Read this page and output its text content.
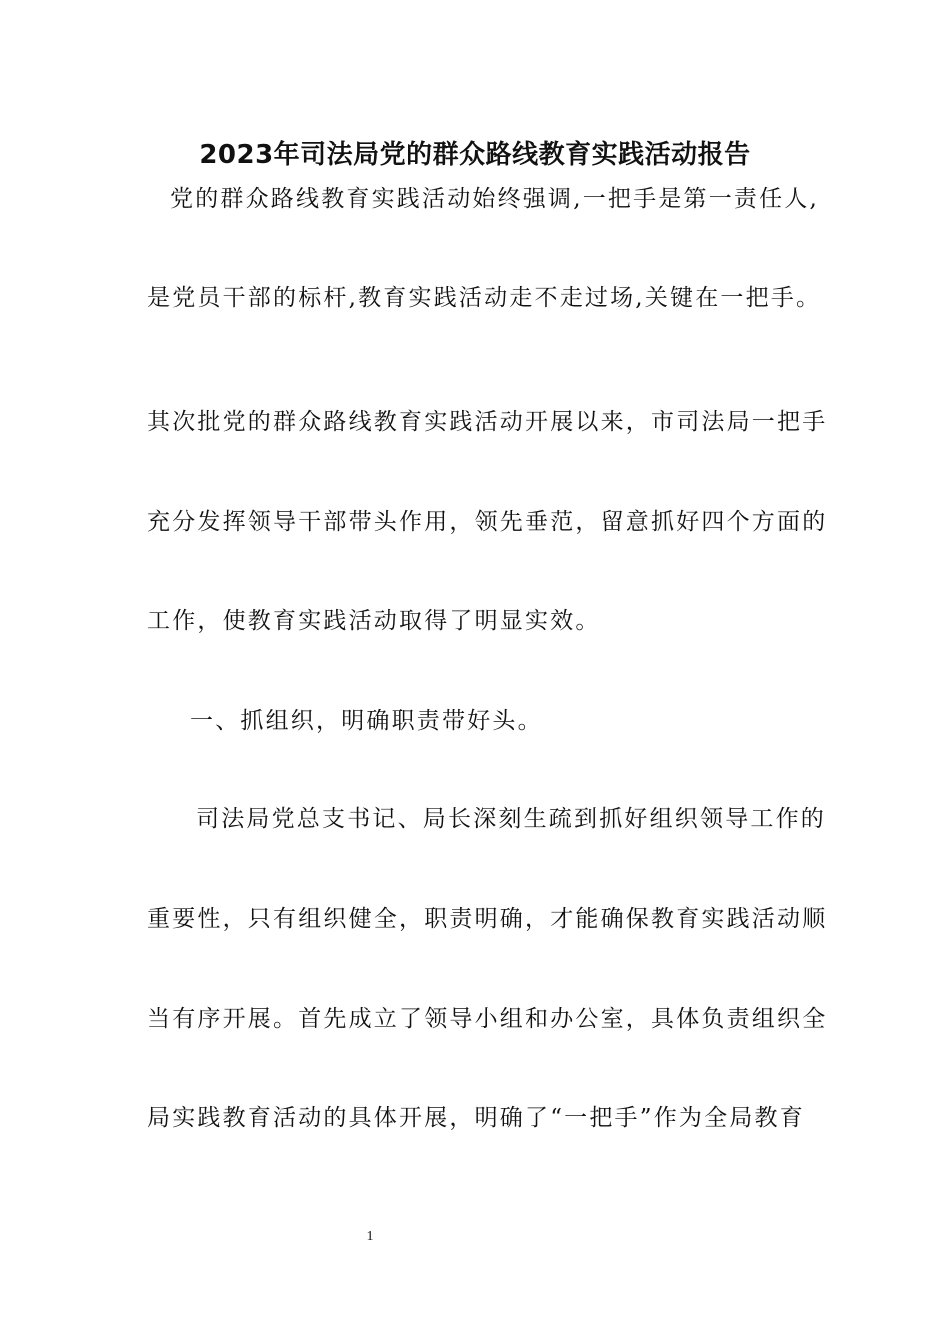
2023年司法局党的群众路线教育实践活动报告
党的群众路线教育实践活动始终强调,一把手是第一责任人,
是党员干部的标杆,教育实践活动走不走过场,关键在一把手。
其次批党的群众路线教育实践活动开展以来，市司法局一把手
充分发挥领导干部带头作用，领先垂范，留意抓好四个方面的
工作，使教育实践活动取得了明显实效。
一、抓组织，明确职责带好头。
司法局党总支书记、局长深刻生疏到抓好组织领导工作的
重要性，只有组织健全，职责明确，才能确保教育实践活动顺
当有序开展。首先成立了领导小组和办公室，具体负责组织全
局实践教育活动的具体开展，明确了“一把手”作为全局教育
1
